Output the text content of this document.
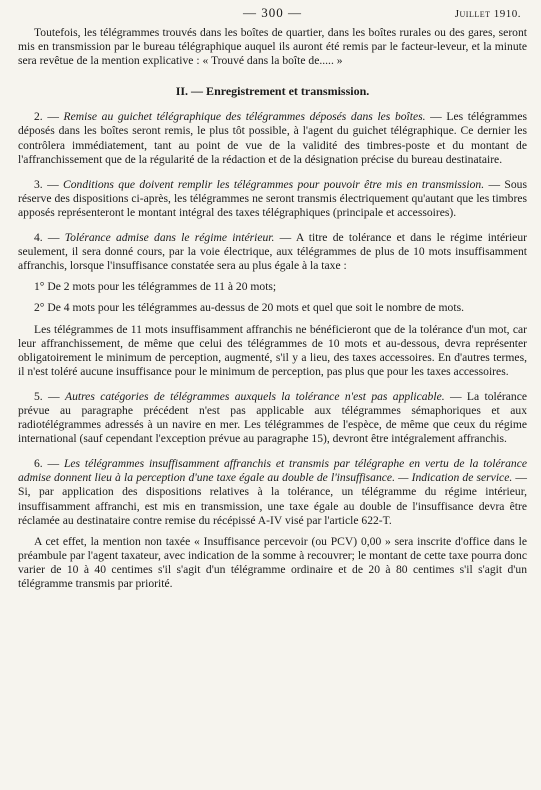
— 300 —	Juillet 1910.

Toutefois, les télégrammes trouvés dans les boîtes de quartier, dans les boîtes rurales ou des gares, seront mis en transmission par le bureau télégraphique auquel ils auront été remis par le facteur-leveur, et la minute sera revêtue de la mention explicative : « Trouvé dans la boîte de..... »

II. — Enregistrement et transmission.

2. — Remise au guichet télégraphique des télégrammes déposés dans les boîtes. — Les télégrammes déposés dans les boîtes seront remis, le plus tôt possible, à l'agent du guichet télégraphique. Ce dernier les contrôlera immédiatement, tant au point de vue de la validité des timbres-poste et du montant de l'affranchissement que de la régularité de la rédaction et de la désignation précise du bureau destinataire.

3. — Conditions que doivent remplir les télégrammes pour pouvoir être mis en transmission. — Sous réserve des dispositions ci-après, les télégrammes ne seront transmis électriquement qu'autant que les timbres apposés représenteront le montant intégral des taxes télégraphiques (principale et accessoires).

4. — Tolérance admise dans le régime intérieur. — A titre de tolérance et dans le régime intérieur seulement, il sera donné cours, par la voie électrique, aux télégrammes de plus de 10 mots insuffisamment affranchis, lorsque l'insuffisance constatée sera au plus égale à la taxe :

1° De 2 mots pour les télégrammes de 11 à 20 mots;

2° De 4 mots pour les télégrammes au-dessus de 20 mots et quel que soit le nombre de mots.

Les télégrammes de 11 mots insuffisamment affranchis ne bénéficieront que de la tolérance d'un mot, car leur affranchissement, de même que celui des télégrammes de 10 mots et au-dessous, devra représenter obligatoirement le minimum de perception, augmenté, s'il y a lieu, des taxes accessoires. En d'autres termes, il n'est toléré aucune insuffisance pour le minimum de perception, pas plus que pour les taxes accessoires.

5. — Autres catégories de télégrammes auxquels la tolérance n'est pas applicable. — La tolérance prévue au paragraphe précédent n'est pas applicable aux télégrammes sémaphoriques et aux radiotélégrammes adressés à un navire en mer. Les télégrammes de l'espèce, de même que ceux du régime international (sauf cependant l'exception prévue au paragraphe 15), devront être intégralement affranchis.

6. — Les télégrammes insuffisamment affranchis et transmis par télégraphe en vertu de la tolérance admise donnent lieu à la perception d'une taxe égale au double de l'insuffisance. — Indication de service. — Si, par application des dispositions relatives à la tolérance, un télégramme du régime intérieur, insuffisamment affranchi, est mis en transmission, une taxe égale au double de l'insuffisance devra être réclamée au destinataire contre remise du récépissé A-IV visé par l'article 622-T.

A cet effet, la mention non taxée « Insuffisance percevoir (ou PCV) 0,00 » sera inscrite d'office dans le préambule par l'agent taxateur, avec indication de la somme à recouvrer; le montant de cette taxe pourra donc varier de 10 à 40 centimes s'il s'agit d'un télégramme ordinaire et de 20 à 80 centimes s'il s'agit d'un télégramme transmis par priorité.
